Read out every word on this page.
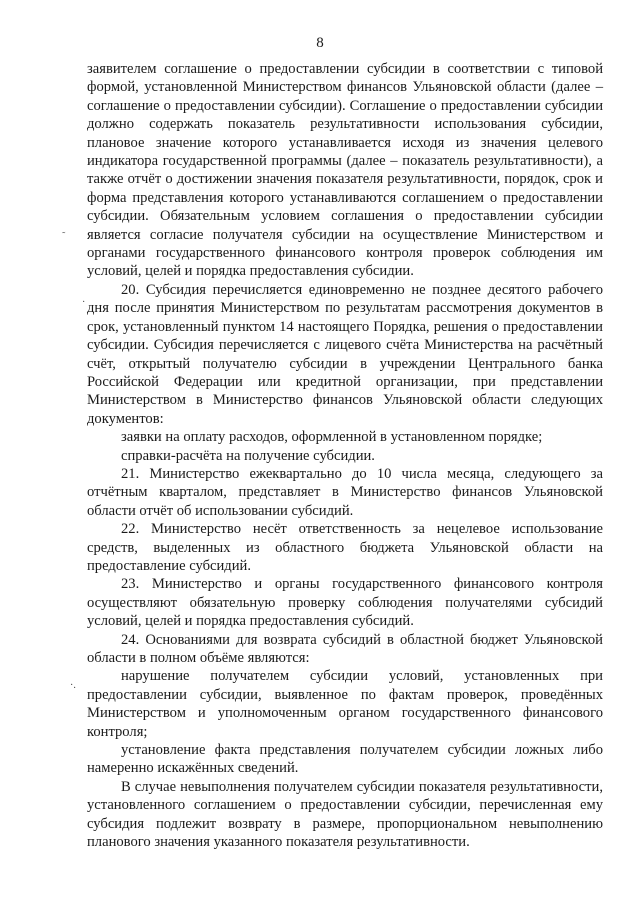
8
˜
·
·.

заявителем соглашение о предоставлении субсидии в соответствии с типовой формой, установленной Министерством финансов Ульяновской области (далее – соглашение о предоставлении субсидии). Соглашение о предоставлении субсидии должно содержать показатель результативности использования субсидии, плановое значение которого устанавливается исходя из значения целевого индикатора государственной программы (далее – показатель результативности), а также отчёт о достижении значения показателя результативности, порядок, срок и форма представления которого устанавливаются соглашением о предоставлении субсидии. Обязательным условием соглашения о предоставлении субсидии является согласие получателя субсидии на осуществление Министерством и органами государственного финансового контроля проверок соблюдения им условий, целей и порядка предоставления субсидии.

20. Субсидия перечисляется единовременно не позднее десятого рабочего дня после принятия Министерством по результатам рассмотрения документов в срок, установленный пунктом 14 настоящего Порядка, решения о предоставлении субсидии. Субсидия перечисляется с лицевого счёта Министерства на расчётный счёт, открытый получателю субсидии в учреждении Центрального банка Российской Федерации или кредитной организации, при представлении Министерством в Министерство финансов Ульяновской области следующих документов:

заявки на оплату расходов, оформленной в установленном порядке;

справки-расчёта на получение субсидии.

21. Министерство ежеквартально до 10 числа месяца, следующего за отчётным кварталом, представляет в Министерство финансов Ульяновской области отчёт об использовании субсидий.

22. Министерство несёт ответственность за нецелевое использование средств, выделенных из областного бюджета Ульяновской области на предоставление субсидий.

23. Министерство и органы государственного финансового контроля осуществляют обязательную проверку соблюдения получателями субсидий условий, целей и порядка предоставления субсидий.

24. Основаниями для возврата субсидий в областной бюджет Ульяновской области в полном объёме являются:

нарушение получателем субсидии условий, установленных при предоставлении субсидии, выявленное по фактам проверок, проведённых Министерством и уполномоченным органом государственного финансового контроля;

установление факта представления получателем субсидии ложных либо намеренно искажённых сведений.

В случае невыполнения получателем субсидии показателя результативности, установленного соглашением о предоставлении субсидии, перечисленная ему субсидия подлежит возврату в размере, пропорциональном невыполнению планового значения указанного показателя результативности.
